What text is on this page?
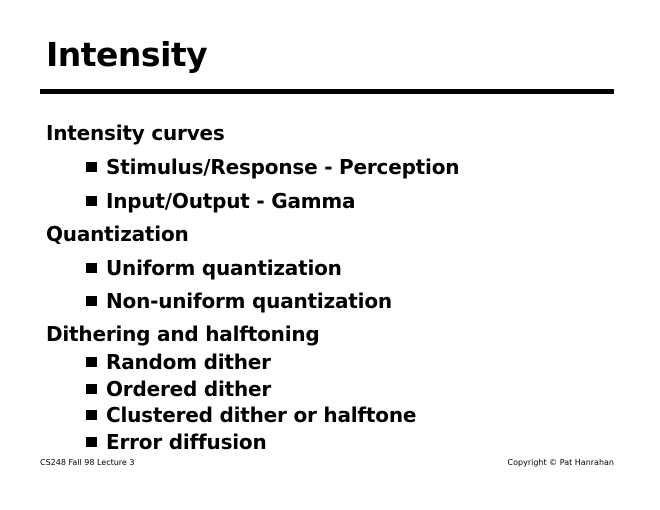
Intensity
Intensity curves
Stimulus/Response - Perception
Input/Output - Gamma
Quantization
Uniform quantization
Non-uniform quantization
Dithering and halftoning
Random dither
Ordered dither
Clustered dither or halftone
Error diffusion
CS248 Fall 98 Lecture 3	Copyright © Pat Hanrahan
